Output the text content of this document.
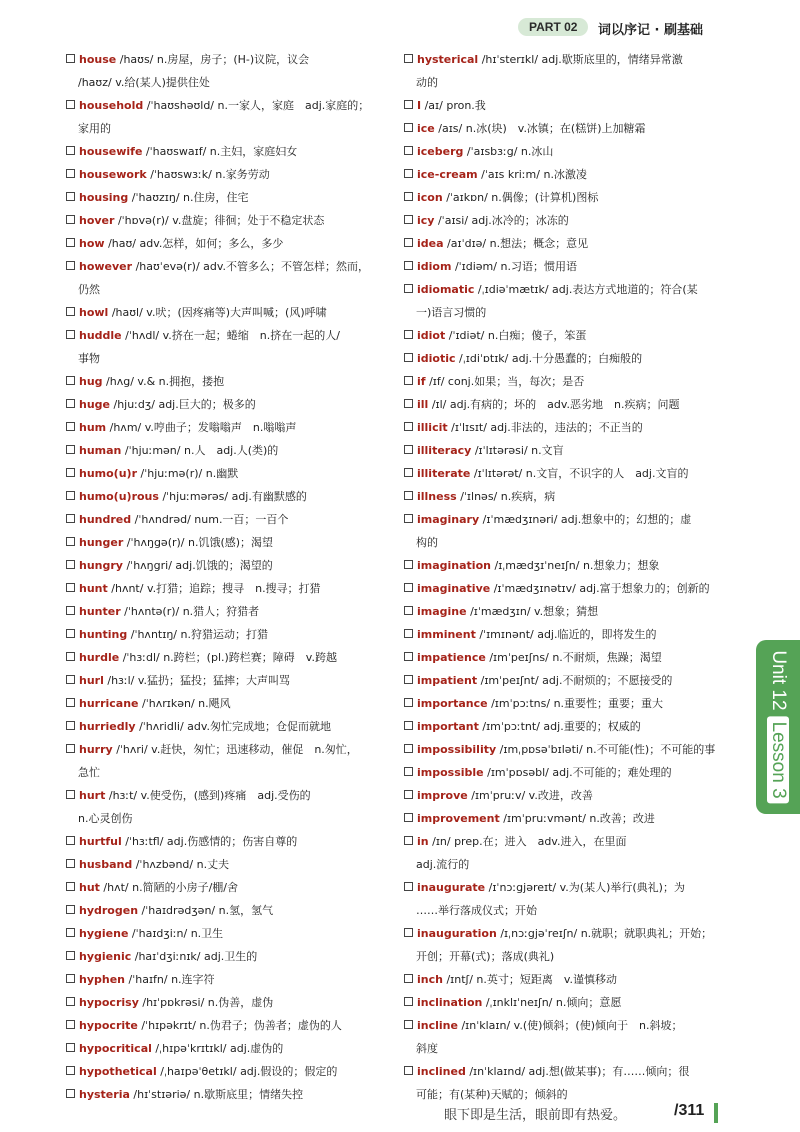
PART 02	词以序记 · 刷基础

house /haʊs/ n.房屋，房子；(H-)议院，议会

/haʊz/ v.给(某人)提供住处

household /ˈhaʊshəʊld/ n.一家人，家庭　adj.家庭的；

家用的

housewife /ˈhaʊswaɪf/ n.主妇，家庭妇女

housework /ˈhaʊswɜːk/ n.家务劳动

housing /ˈhaʊzɪŋ/ n.住房，住宅

hover /ˈhɒvə(r)/ v.盘旋；徘徊；处于不稳定状态

how /haʊ/ adv.怎样，如何；多么，多少

however /haʊˈevə(r)/ adv.不管多么；不管怎样；然而，

仍然

howl /haʊl/ v.吠；(因疼痛等)大声叫喊；(风)呼啸

huddle /ˈhʌdl/ v.挤在一起；蜷缩　n.挤在一起的人/

事物

hug /hʌg/ v.& n.拥抱，搂抱

huge /hjuːdʒ/ adj.巨大的；极多的

hum /hʌm/ v.哼曲子；发嗡嗡声　n.嗡嗡声

human /ˈhjuːmən/ n.人　adj.人(类)的

humo(u)r /ˈhjuːmə(r)/ n.幽默

humo(u)rous /ˈhjuːmərəs/ adj.有幽默感的

hundred /ˈhʌndrəd/ num.一百；一百个

hunger /ˈhʌŋgə(r)/ n.饥饿(感)；渴望

hungry /ˈhʌŋgri/ adj.饥饿的；渴望的

hunt /hʌnt/ v.打猎；追踪；搜寻　n.搜寻；打猎

hunter /ˈhʌntə(r)/ n.猎人；狩猎者

hunting /ˈhʌntɪŋ/ n.狩猎运动；打猎

hurdle /ˈhɜːdl/ n.跨栏；(pl.)跨栏赛；障碍　v.跨越

hurl /hɜːl/ v.猛扔；猛投；猛摔；大声叫骂

hurricane /ˈhʌrɪkən/ n.飓风

hurriedly /ˈhʌridli/ adv.匆忙完成地；仓促而就地

hurry /ˈhʌri/ v.赶快，匆忙；迅速移动，催促　n.匆忙，

急忙

hurt /hɜːt/ v.使受伤，(感到)疼痛　adj.受伤的

n.心灵创伤

hurtful /ˈhɜːtfl/ adj.伤感情的；伤害自尊的

husband /ˈhʌzbənd/ n.丈夫

hut /hʌt/ n.简陋的小房子/棚/舍

hydrogen /ˈhaɪdrədʒən/ n.氢，氢气

hygiene /ˈhaɪdʒiːn/ n.卫生

hygienic /haɪˈdʒiːnɪk/ adj.卫生的

hyphen /ˈhaɪfn/ n.连字符

hypocrisy /hɪˈpɒkrəsi/ n.伪善，虚伪

hypocrite /ˈhɪpəkrɪt/ n.伪君子；伪善者；虚伪的人

hypocritical /ˌhɪpəˈkrɪtɪkl/ adj.虚伪的

hypothetical /ˌhaɪpəˈθetɪkl/ adj.假设的；假定的

hysteria /hɪˈstɪəriə/ n.歇斯底里；情绪失控

hysterical /hɪˈsterɪkl/ adj.歇斯底里的，情绪异常激

动的

I /aɪ/ pron.我

ice /aɪs/ n.冰(块)　v.冰镇；在(糕饼)上加糖霜

iceberg /ˈaɪsbɜːg/ n.冰山

ice-cream /ˈaɪs kriːm/ n.冰激凌

icon /ˈaɪkɒn/ n.偶像；(计算机)图标

icy /ˈaɪsi/ adj.冰冷的；冰冻的

idea /aɪˈdɪə/ n.想法；概念；意见

idiom /ˈɪdiəm/ n.习语；惯用语

idiomatic /ˌɪdiəˈmætɪk/ adj.表达方式地道的；符合(某

一)语言习惯的

idiot /ˈɪdiət/ n.白痴；傻子，笨蛋

idiotic /ˌɪdiˈɒtɪk/ adj.十分愚蠢的；白痴般的

if /ɪf/ conj.如果；当，每次；是否

ill /ɪl/ adj.有病的；坏的　adv.恶劣地　n.疾病；问题

illicit /ɪˈlɪsɪt/ adj.非法的，违法的；不正当的

illiteracy /ɪˈlɪtərəsi/ n.文盲

illiterate /ɪˈlɪtərət/ n.文盲，不识字的人　adj.文盲的

illness /ˈɪlnəs/ n.疾病，病

imaginary /ɪˈmædʒɪnəri/ adj.想象中的；幻想的；虚

构的

imagination /ɪˌmædʒɪˈneɪʃn/ n.想象力；想象

imaginative /ɪˈmædʒɪnətɪv/ adj.富于想象力的；创新的

imagine /ɪˈmædʒɪn/ v.想象；猜想

imminent /ˈɪmɪnənt/ adj.临近的，即将发生的

impatience /ɪmˈpeɪʃns/ n.不耐烦，焦躁；渴望

impatient /ɪmˈpeɪʃnt/ adj.不耐烦的；不愿接受的

importance /ɪmˈpɔːtns/ n.重要性；重要；重大

important /ɪmˈpɔːtnt/ adj.重要的；权威的

impossibility /ɪmˌpɒsəˈbɪləti/ n.不可能(性)；不可能的事

impossible /ɪmˈpɒsəbl/ adj.不可能的；难处理的

improve /ɪmˈpruːv/ v.改进，改善

improvement /ɪmˈpruːvmənt/ n.改善；改进

in /ɪn/ prep.在；进入　adv.进入，在里面

adj.流行的

inaugurate /ɪˈnɔːgjəreɪt/ v.为(某人)举行(典礼)；为

……举行落成仪式；开始

inauguration /ɪˌnɔːgjəˈreɪʃn/ n.就职；就职典礼；开始；

开创；开幕(式)；落成(典礼)

inch /ɪntʃ/ n.英寸；短距离　v.谨慎移动

inclination /ˌɪnklɪˈneɪʃn/ n.倾向；意愿

incline /ɪnˈklaɪn/ v.(使)倾斜；(使)倾向于　n.斜坡；

斜度

inclined /ɪnˈklaɪnd/ adj.想(做某事)；有……倾向；很

可能；有(某种)天赋的；倾斜的

Unit 12Lesson 3
眼下即是生活，眼前即有热爱。	/311
